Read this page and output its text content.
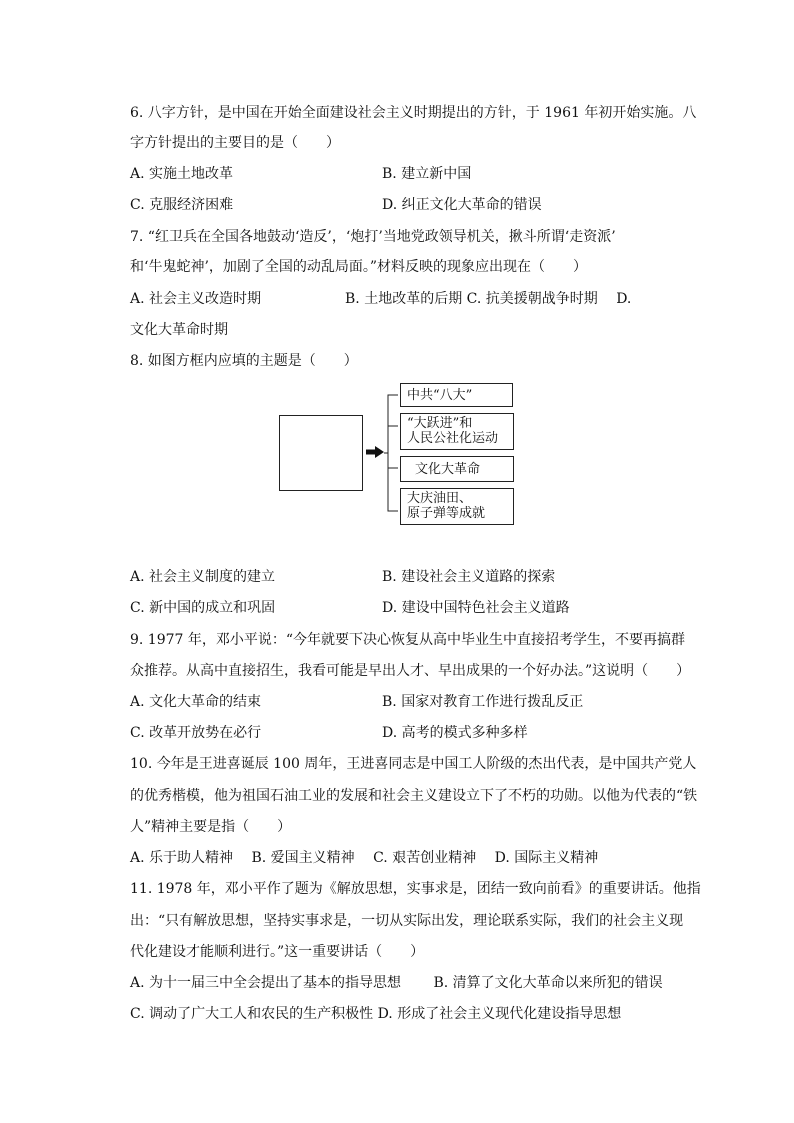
6. 八字方针，是中国在开始全面建设社会主义时期提出的方针，于 1961 年初开始实施。八
字方针提出的主要目的是（　　）
A. 实施土地改革	B. 建立新中国
C. 克服经济困难	D. 纠正文化大革命的错误
7. “红卫兵在全国各地鼓动‘造反’，‘炮打’当地党政领导机关，揪斗所谓‘走资派’
和‘牛鬼蛇神’，加剧了全国的动乱局面。”材料反映的现象应出现在（　　）
A. 社会主义改造时期　　　　　　B. 土地改革的后期 C. 抗美援朝战争时期　 D.
文化大革命时期
8. 如图方框内应填的主题是（　　）
中共“八大”
“大跃进”和
人民公社化运动
文化大革命
大庆油田、
原子弹等成就
A. 社会主义制度的建立	B. 建设社会主义道路的探索
C. 新中国的成立和巩固	D. 建设中国特色社会主义道路
9. 1977 年，邓小平说：“今年就要下决心恢复从高中毕业生中直接招考学生，不要再搞群
众推荐。从高中直接招生，我看可能是早出人才、早出成果的一个好办法。”这说明（　　）
A. 文化大革命的结束	B. 国家对教育工作进行拨乱反正
C. 改革开放势在必行	D. 高考的模式多种多样
10. 今年是王进喜诞辰 100 周年，王进喜同志是中国工人阶级的杰出代表，是中国共产党人
的优秀楷模，他为祖国石油工业的发展和社会主义建设立下了不朽的功勋。以他为代表的“铁
人”精神主要是指（　　）
A. 乐于助人精神　 B. 爱国主义精神　 C. 艰苦创业精神　 D. 国际主义精神
11. 1978 年，邓小平作了题为《解放思想，实事求是，团结一致向前看》的重要讲话。他指
出：“只有解放思想，坚持实事求是，一切从实际出发，理论联系实际，我们的社会主义现
代化建设才能顺利进行。”这一重要讲话（　　）
A. 为十一届三中全会提出了基本的指导思想　　 B. 清算了文化大革命以来所犯的错误
C. 调动了广大工人和农民的生产积极性 D. 形成了社会主义现代化建设指导思想
